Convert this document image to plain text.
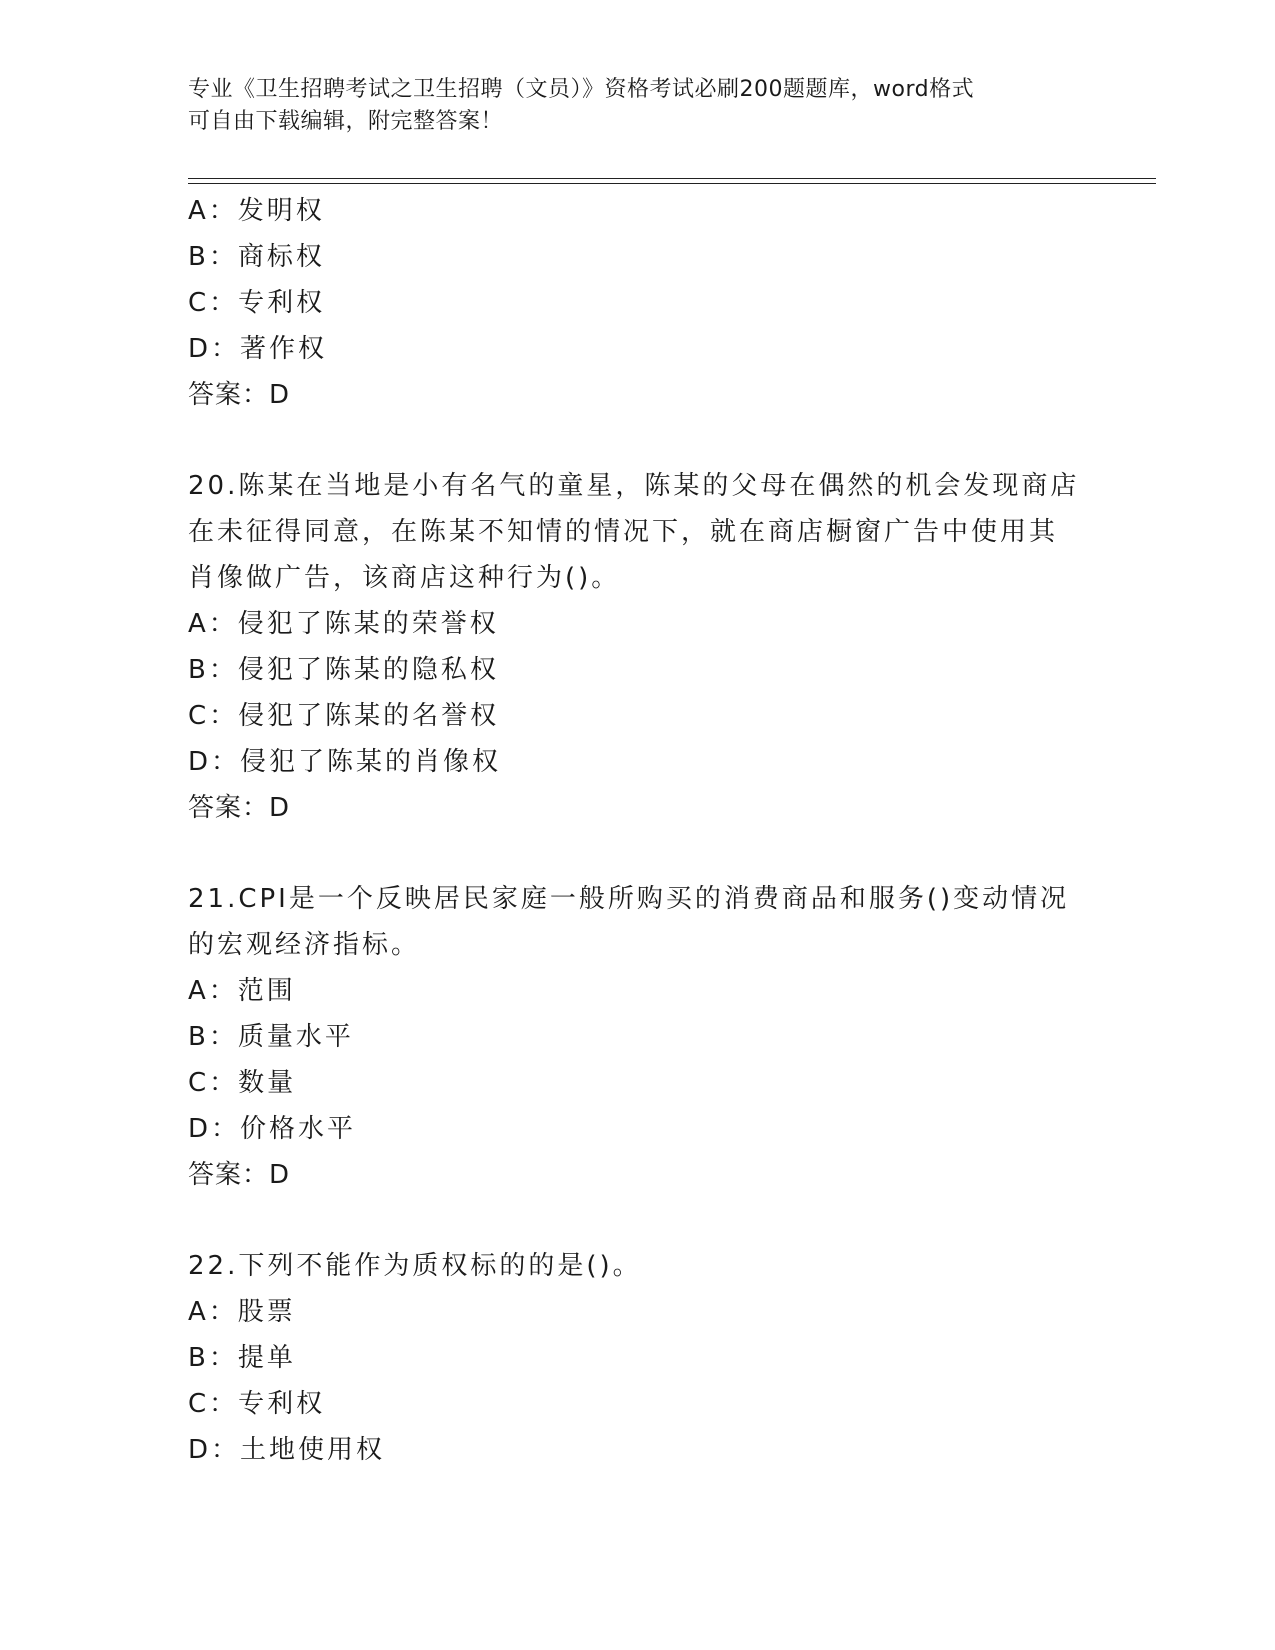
专业《卫生招聘考试之卫生招聘（文员）》资格考试必刷200题题库，word格式
可自由下载编辑，附完整答案！
A：发明权
B：商标权
C：专利权
D：著作权
答案：D
20.陈某在当地是小有名气的童星，陈某的父母在偶然的机会发现商店
在未征得同意，在陈某不知情的情况下，就在商店橱窗广告中使用其
肖像做广告，该商店这种行为()。
A：侵犯了陈某的荣誉权
B：侵犯了陈某的隐私权
C：侵犯了陈某的名誉权
D：侵犯了陈某的肖像权
答案：D
21.CPI是一个反映居民家庭一般所购买的消费商品和服务()变动情况
的宏观经济指标。
A：范围
B：质量水平
C：数量
D：价格水平
答案：D
22.下列不能作为质权标的的是()。
A：股票
B：提单
C：专利权
D：土地使用权
